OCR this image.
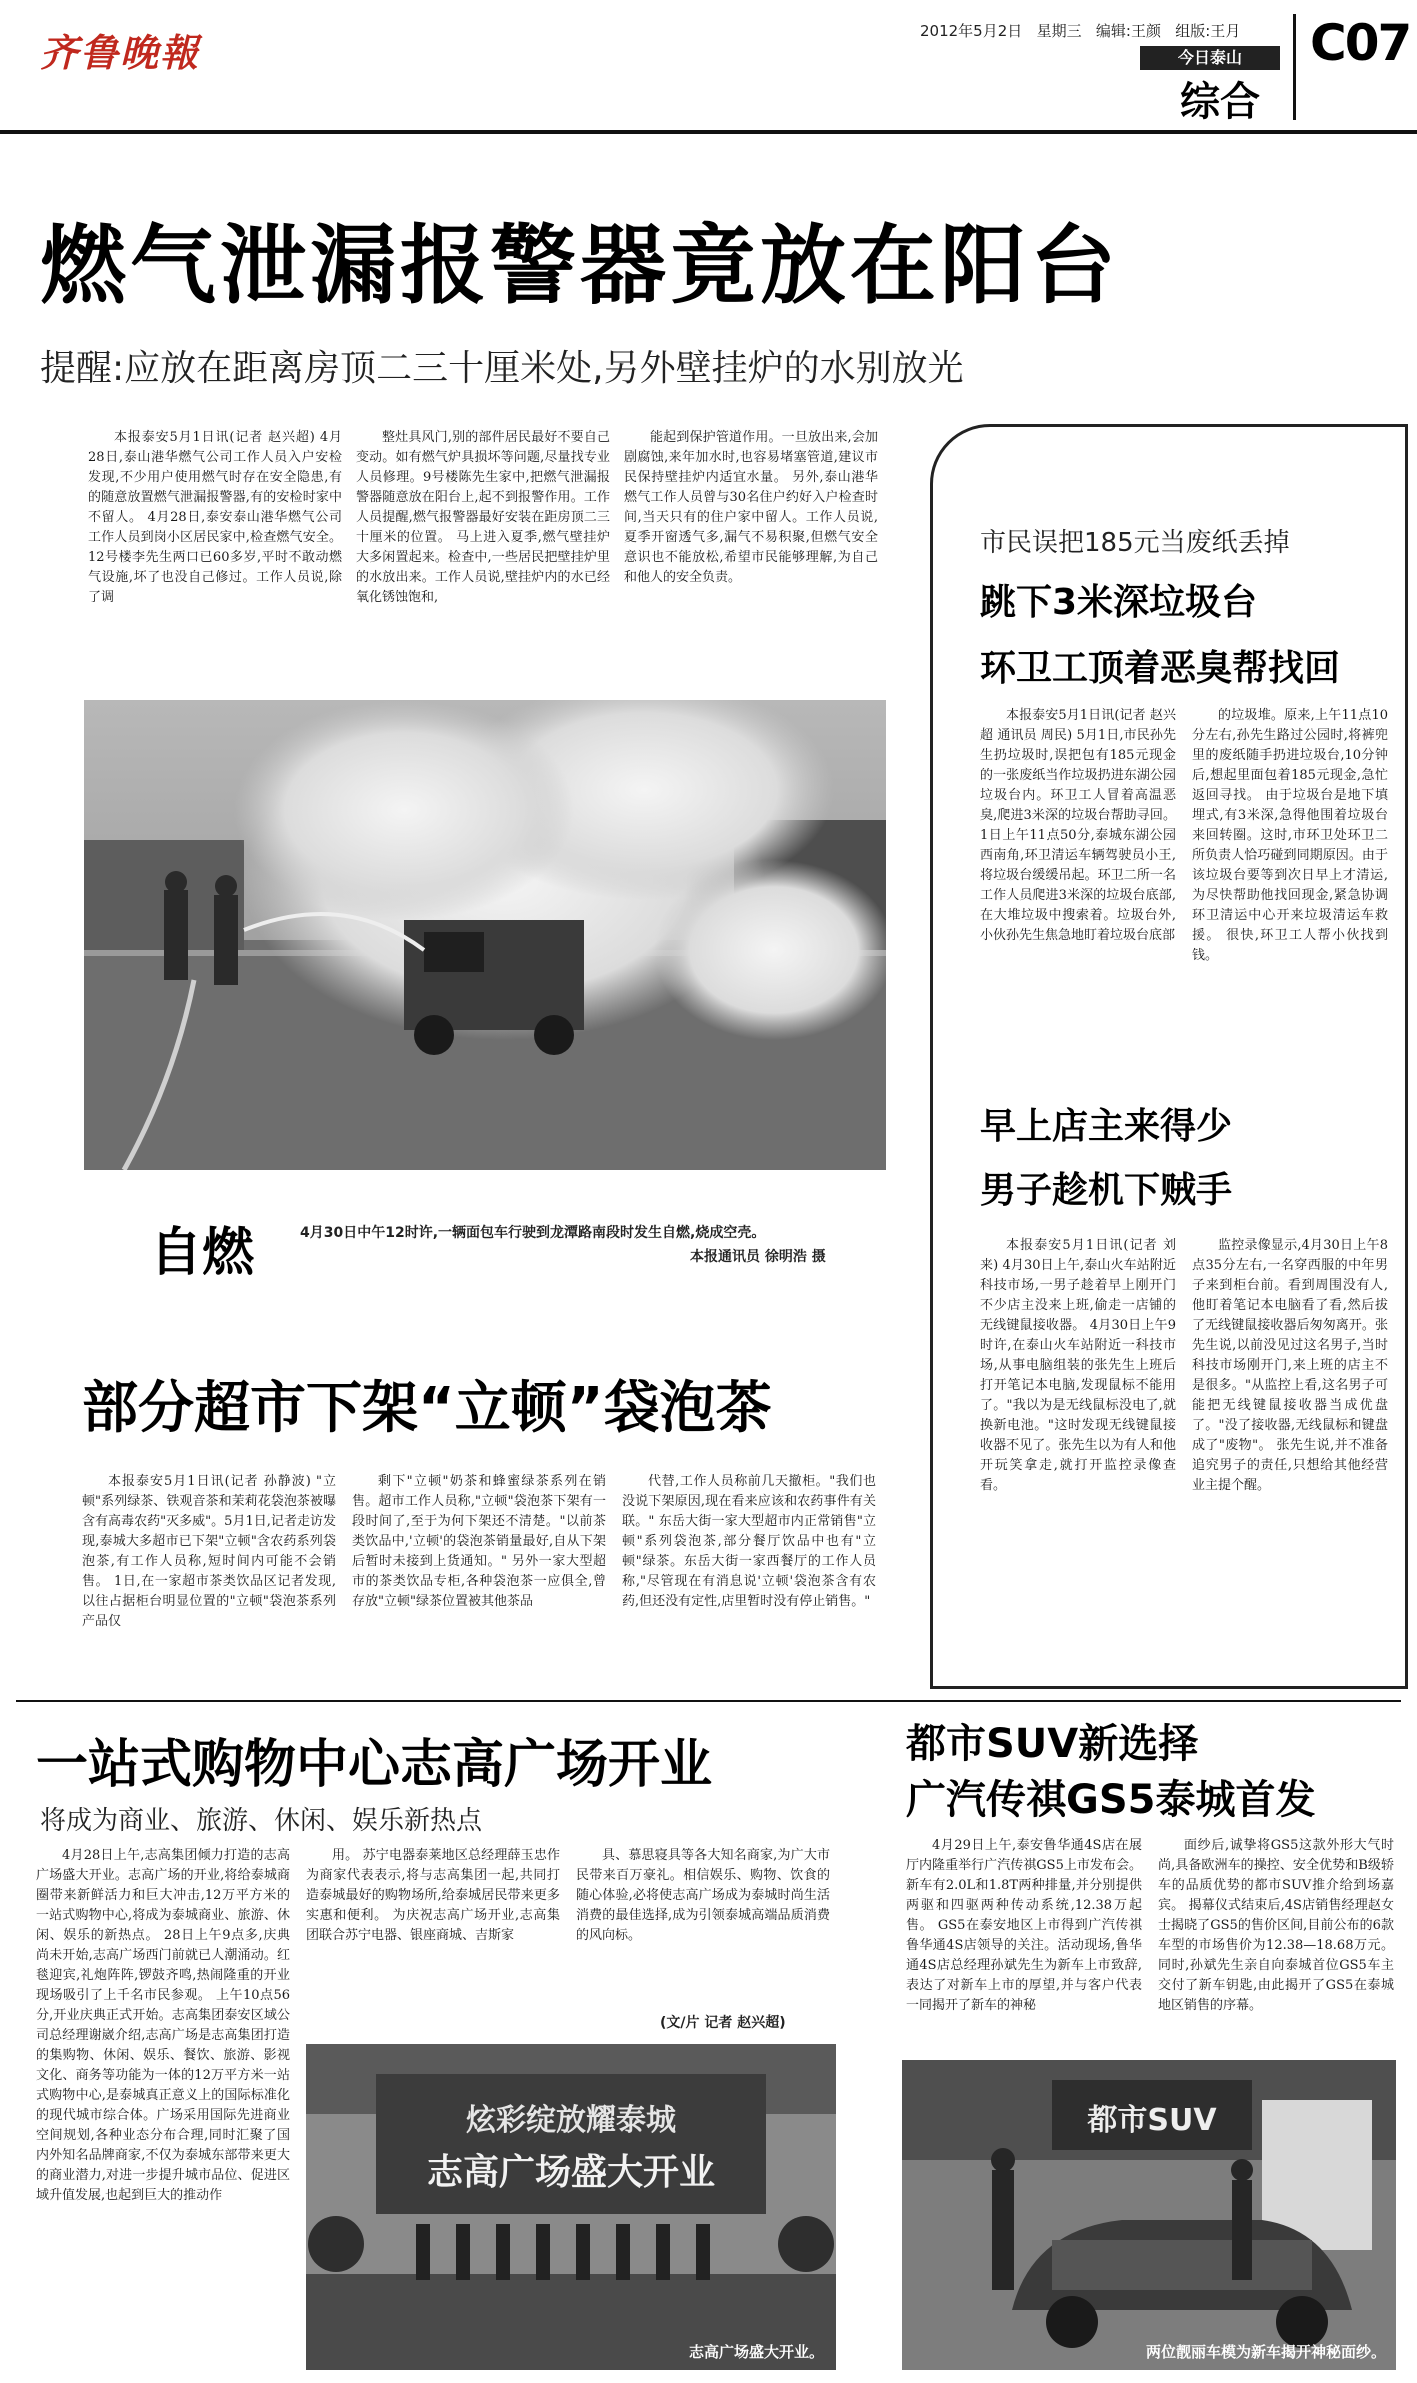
齐鲁晚報	2012年5月2日 星期三 编辑:王颜 组版:王月
今日泰山
综合
C07
燃气泄漏报警器竟放在阳台
提醒:应放在距离房顶二三十厘米处,另外壁挂炉的水别放光

本报泰安5月1日讯(记者 赵兴超) 4月28日,泰山港华燃气公司工作人员入户安检发现,不少用户使用燃气时存在安全隐患,有的随意放置燃气泄漏报警器,有的安检时家中不留人。 4月28日,泰安泰山港华燃气公司工作人员到岗小区居民家中,检查燃气安全。12号楼李先生两口已60多岁,平时不敢动燃气设施,坏了也没自己修过。工作人员说,除了调

整灶具风门,别的部件居民最好不要自己变动。如有燃气炉具损坏等问题,尽量找专业人员修理。9号楼陈先生家中,把燃气泄漏报警器随意放在阳台上,起不到报警作用。工作人员提醒,燃气报警器最好安装在距房顶二三十厘米的位置。 马上进入夏季,燃气壁挂炉大多闲置起来。检查中,一些居民把壁挂炉里的水放出来。工作人员说,壁挂炉内的水已经氧化锈蚀饱和,

能起到保护管道作用。一旦放出来,会加剧腐蚀,来年加水时,也容易堵塞管道,建议市民保持壁挂炉内适宜水量。 另外,泰山港华燃气工作人员曾与30名住户约好入户检查时间,当天只有的住户家中留人。工作人员说,夏季开窗透气多,漏气不易积聚,但燃气安全意识也不能放松,希望市民能够理解,为自己和他人的安全负责。

自燃	4月30日中午12时许,一辆面包车行驶到龙潭路南段时发生自燃,烧成空壳。
本报通讯员 徐明浩 摄
市民误把185元当废纸丢掉
跳下3米深垃圾台
环卫工顶着恶臭帮找回

本报泰安5月1日讯(记者 赵兴超 通讯员 周民) 5月1日,市民孙先生扔垃圾时,误把包有185元现金的一张废纸当作垃圾扔进东湖公园垃圾台内。环卫工人冒着高温恶臭,爬进3米深的垃圾台帮助寻回。 1日上午11点50分,泰城东湖公园西南角,环卫清运车辆驾驶员小王,将垃圾台缓缓吊起。环卫二所一名工作人员爬进3米深的垃圾台底部,在大堆垃圾中搜索着。垃圾台外,小伙孙先生焦急地盯着垃圾台底部

的垃圾堆。原来,上午11点10分左右,孙先生路过公园时,将裤兜里的废纸随手扔进垃圾台,10分钟后,想起里面包着185元现金,急忙返回寻找。 由于垃圾台是地下填埋式,有3米深,急得他围着垃圾台来回转圈。这时,市环卫处环卫二所负责人恰巧碰到同期原因。由于该垃圾台要等到次日早上才清运,为尽快帮助他找回现金,紧急协调环卫清运中心开来垃圾清运车救援。 很快,环卫工人帮小伙找到钱。

早上店主来得少
男子趁机下贼手

本报泰安5月1日讯(记者 刘来) 4月30日上午,泰山火车站附近科技市场,一男子趁着早上刚开门不少店主没来上班,偷走一店铺的无线键鼠接收器。 4月30日上午9时许,在泰山火车站附近一科技市场,从事电脑组装的张先生上班后打开笔记本电脑,发现鼠标不能用了。"我以为是无线鼠标没电了,就换新电池。"这时发现无线键鼠接收器不见了。张先生以为有人和他开玩笑拿走,就打开监控录像查看。

监控录像显示,4月30日上午8点35分左右,一名穿西服的中年男子来到柜台前。看到周围没有人,他盯着笔记本电脑看了看,然后拔了无线键鼠接收器后匆匆离开。张先生说,以前没见过这名男子,当时科技市场刚开门,来上班的店主不是很多。"从监控上看,这名男子可能把无线键鼠接收器当成优盘了。"没了接收器,无线鼠标和键盘成了"废物"。 张先生说,并不准备追究男子的责任,只想给其他经营业主提个醒。

部分超市下架“立顿”袋泡茶

本报泰安5月1日讯(记者 孙静波) "立顿"系列绿茶、铁观音茶和茉莉花袋泡茶被曝含有高毒农药"灭多威"。5月1日,记者走访发现,泰城大多超市已下架"立顿"含农药系列袋泡茶,有工作人员称,短时间内可能不会销售。 1日,在一家超市茶类饮品区记者发现,以往占据柜台明显位置的"立顿"袋泡茶系列产品仅

剩下"立顿"奶茶和蜂蜜绿茶系列在销售。超市工作人员称,"立顿"袋泡茶下架有一段时间了,至于为何下架还不清楚。"以前茶类饮品中,'立顿'的袋泡茶销量最好,自从下架后暂时未接到上货通知。" 另外一家大型超市的茶类饮品专柜,各种袋泡茶一应俱全,曾存放"立顿"绿茶位置被其他茶品

代替,工作人员称前几天撤柜。"我们也没说下架原因,现在看来应该和农药事件有关联。" 东岳大街一家大型超市内正常销售"立顿"系列袋泡茶,部分餐厅饮品中也有"立顿"绿茶。东岳大街一家西餐厅的工作人员称,"尽管现在有消息说'立顿'袋泡茶含有农药,但还没有定性,店里暂时没有停止销售。"

一站式购物中心志高广场开业
将成为商业、旅游、休闲、娱乐新热点

4月28日上午,志高集团倾力打造的志高广场盛大开业。志高广场的开业,将给泰城商圈带来新鲜活力和巨大冲击,12万平方米的一站式购物中心,将成为泰城商业、旅游、休闲、娱乐的新热点。 28日上午9点多,庆典尚未开始,志高广场西门前就已人潮涌动。红毯迎宾,礼炮阵阵,锣鼓齐鸣,热闹隆重的开业现场吸引了上千名市民参观。 上午10点56分,开业庆典正式开始。志高集团泰安区域公司总经理谢崴介绍,志高广场是志高集团打造的集购物、休闲、娱乐、餐饮、旅游、影视文化、商务等功能为一体的12万平方米一站式购物中心,是泰城真正意义上的国际标准化的现代城市综合体。广场采用国际先进商业空间规划,各种业态分布合理,同时汇聚了国内外知名品牌商家,不仅为泰城东部带来更大的商业潜力,对进一步提升城市品位、促进区域升值发展,也起到巨大的推动作

用。 苏宁电器泰莱地区总经理薛玉忠作为商家代表表示,将与志高集团一起,共同打造泰城最好的购物场所,给泰城居民带来更多实惠和便利。 为庆祝志高广场开业,志高集团联合苏宁电器、银座商城、吉斯家

具、慕思寝具等各大知名商家,为广大市民带来百万豪礼。相信娱乐、购物、饮食的随心体验,必将使志高广场成为泰城时尚生活消费的最佳选择,成为引领泰城高端品质消费的风向标。

(文/片 记者 赵兴超)
炫彩绽放耀泰城
志高广场盛大开业
志高广场盛大开业。
都市SUV新选择
广汽传祺GS5泰城首发

4月29日上午,泰安鲁华通4S店在展厅内隆重举行广汽传祺GS5上市发布会。新车有2.0L和1.8T两种排量,并分别提供两驱和四驱两种传动系统,12.38万起售。 GS5在泰安地区上市得到广汽传祺鲁华通4S店领导的关注。活动现场,鲁华通4S店总经理孙斌先生为新车上市致辞,表达了对新车上市的厚望,并与客户代表一同揭开了新车的神秘

面纱后,诚挚将GS5这款外形大气时尚,具备欧洲车的操控、安全优势和B级轿车的品质优势的都市SUV推介给到场嘉宾。 揭幕仪式结束后,4S店销售经理赵女士揭晓了GS5的售价区间,目前公布的6款车型的市场售价为12.38—18.68万元。同时,孙斌先生亲自向泰城首位GS5车主交付了新车钥匙,由此揭开了GS5在泰城地区销售的序幕。

都市SUV
两位靓丽车模为新车揭开神秘面纱。
